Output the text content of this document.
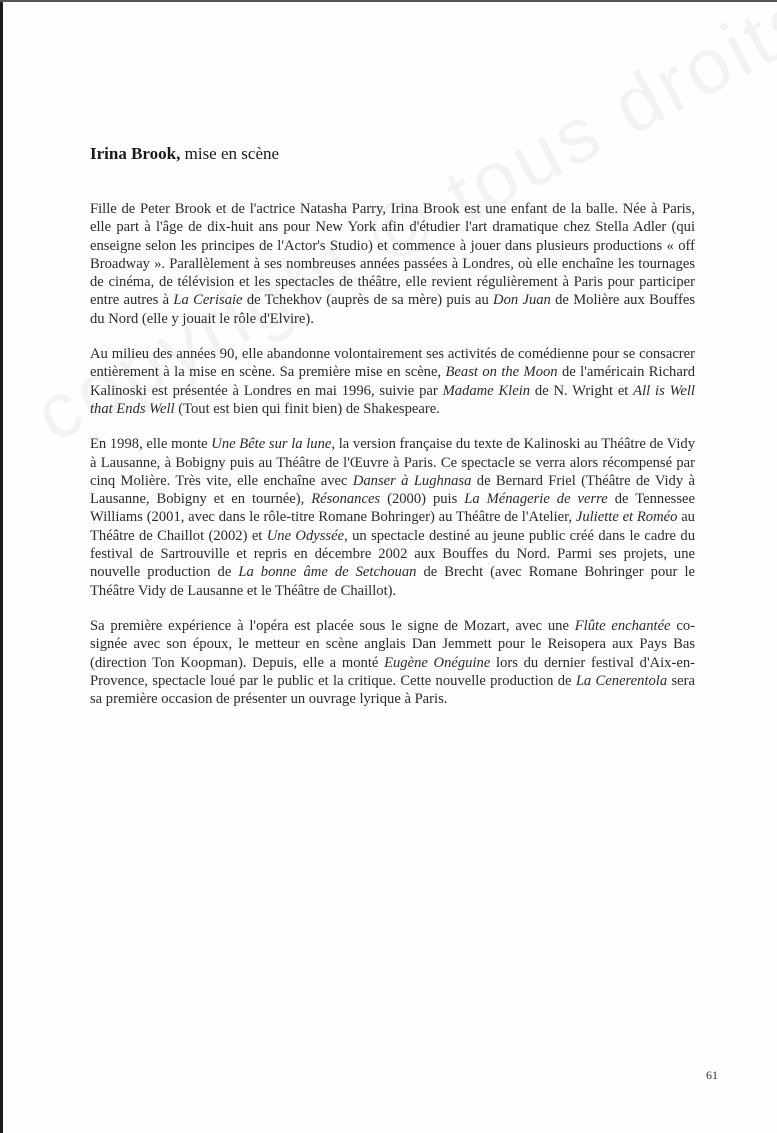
Irina Brook, mise en scène

Fille de Peter Brook et de l'actrice Natasha Parry, Irina Brook est une enfant de la balle. Née à Paris, elle part à l'âge de dix-huit ans pour New York afin d'étudier l'art dramatique chez Stella Adler (qui enseigne selon les principes de l'Actor's Studio) et commence à jouer dans plusieurs productions « off Broadway ». Parallèlement à ses nombreuses années passées à Londres, où elle enchaîne les tournages de cinéma, de télévision et les spectacles de théâtre, elle revient régulièrement à Paris pour participer entre autres à La Cerisaie de Tchekhov (auprès de sa mère) puis au Don Juan de Molière aux Bouffes du Nord (elle y jouait le rôle d'Elvire).

Au milieu des années 90, elle abandonne volontairement ses activités de comédienne pour se consacrer entièrement à la mise en scène. Sa première mise en scène, Beast on the Moon de l'américain Richard Kalinoski est présentée à Londres en mai 1996, suivie par Madame Klein de N. Wright et All is Well that Ends Well (Tout est bien qui finit bien) de Shakespeare.

En 1998, elle monte Une Bête sur la lune, la version française du texte de Kalinoski au Théâtre de Vidy à Lausanne, à Bobigny puis au Théâtre de l'Œuvre à Paris. Ce spectacle se verra alors récompensé par cinq Molière. Très vite, elle enchaîne avec Danser à Lughnasa de Bernard Friel (Théâtre de Vidy à Lausanne, Bobigny et en tournée), Résonances (2000) puis La Ménagerie de verre de Tennessee Williams (2001, avec dans le rôle-titre Romane Bohringer) au Théâtre de l'Atelier, Juliette et Roméo au Théâtre de Chaillot (2002) et Une Odyssée, un spectacle destiné au jeune public créé dans le cadre du festival de Sartrouville et repris en décembre 2002 aux Bouffes du Nord. Parmi ses projets, une nouvelle production de La bonne âme de Setchouan de Brecht (avec Romane Bohringer pour le Théâtre Vidy de Lausanne et le Théâtre de Chaillot).

Sa première expérience à l'opéra est placée sous le signe de Mozart, avec une Flûte enchantée co-signée avec son époux, le metteur en scène anglais Dan Jemmett pour le Reisopera aux Pays Bas (direction Ton Koopman). Depuis, elle a monté Eugène Onéguine lors du dernier festival d'Aix-en-Provence, spectacle loué par le public et la critique. Cette nouvelle production de La Cenerentola sera sa première occasion de présenter un ouvrage lyrique à Paris.

61
